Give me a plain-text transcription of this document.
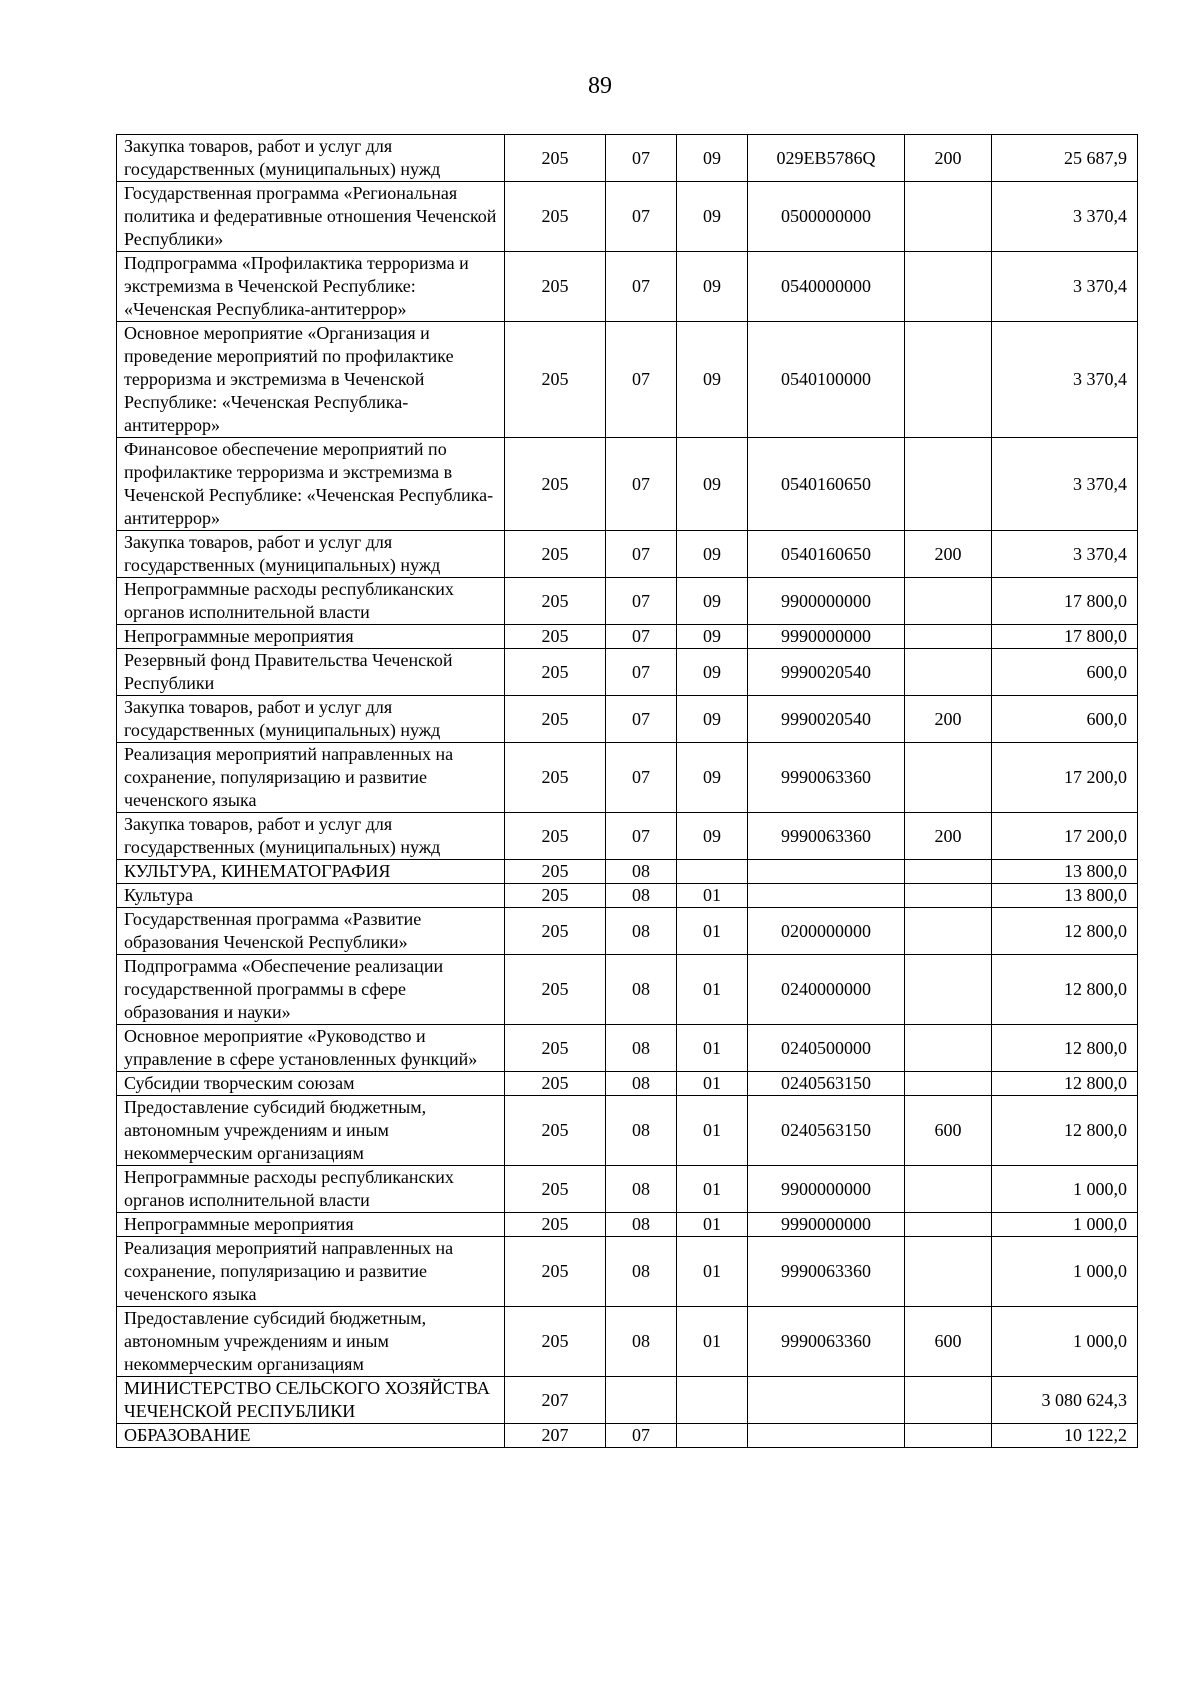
89
Закупка товаров, работ и услуг для государственных (муниципальных) нужд	205	07	09	029EB5786Q	200	25 687,9
Государственная программа «Региональная политика и федеративные отношения Чеченской Республики»	205	07	09	0500000000		3 370,4
Подпрограмма «Профилактика терроризма и экстремизма в Чеченской Республике: «Чеченская Республика-антитеррор»	205	07	09	0540000000		3 370,4
Основное мероприятие «Организация и проведение мероприятий по профилактике терроризма и экстремизма в Чеченской Республике: «Чеченская Республика-антитеррор»	205	07	09	0540100000		3 370,4
Финансовое обеспечение мероприятий по профилактике терроризма и экстремизма в Чеченской Республике: «Чеченская Республика-антитеррор»	205	07	09	0540160650		3 370,4
Закупка товаров, работ и услуг для государственных (муниципальных) нужд	205	07	09	0540160650	200	3 370,4
Непрограммные расходы республиканских органов исполнительной власти	205	07	09	9900000000		17 800,0
Непрограммные мероприятия	205	07	09	9990000000		17 800,0
Резервный фонд Правительства Чеченской Республики	205	07	09	9990020540		600,0
Закупка товаров, работ и услуг для государственных (муниципальных) нужд	205	07	09	9990020540	200	600,0
Реализация мероприятий направленных на сохранение, популяризацию и развитие чеченского языка	205	07	09	9990063360		17 200,0
Закупка товаров, работ и услуг для государственных (муниципальных) нужд	205	07	09	9990063360	200	17 200,0
КУЛЬТУРА, КИНЕМАТОГРАФИЯ	205	08				13 800,0
Культура	205	08	01			13 800,0
Государственная программа «Развитие образования Чеченской Республики»	205	08	01	0200000000		12 800,0
Подпрограмма «Обеспечение реализации государственной программы в сфере образования и науки»	205	08	01	0240000000		12 800,0
Основное мероприятие «Руководство и управление в сфере установленных функций»	205	08	01	0240500000		12 800,0
Субсидии творческим союзам	205	08	01	0240563150		12 800,0
Предоставление субсидий бюджетным, автономным учреждениям и иным некоммерческим организациям	205	08	01	0240563150	600	12 800,0
Непрограммные расходы республиканских органов исполнительной власти	205	08	01	9900000000		1 000,0
Непрограммные мероприятия	205	08	01	9990000000		1 000,0
Реализация мероприятий направленных на сохранение, популяризацию и развитие чеченского языка	205	08	01	9990063360		1 000,0
Предоставление субсидий бюджетным, автономным учреждениям и иным некоммерческим организациям	205	08	01	9990063360	600	1 000,0
МИНИСТЕРСТВО СЕЛЬСКОГО ХОЗЯЙСТВА ЧЕЧЕНСКОЙ РЕСПУБЛИКИ	207					3 080 624,3
ОБРАЗОВАНИЕ	207	07				10 122,2
